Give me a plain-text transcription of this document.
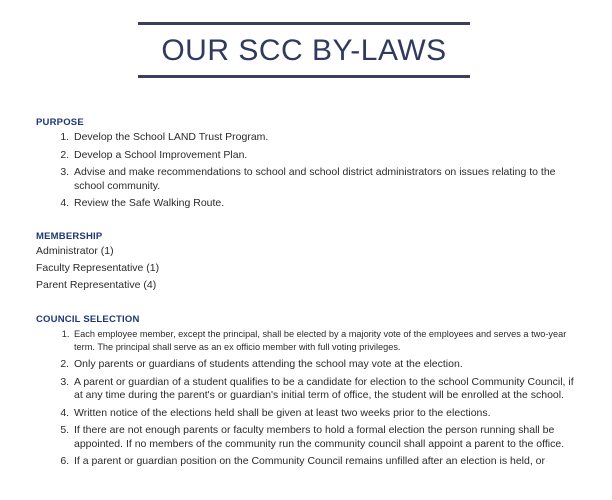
OUR SCC BY-LAWS
PURPOSE
1. Develop the School LAND Trust Program.
2. Develop a School Improvement Plan.
3. Advise and make recommendations to school and school district administrators on issues relating to the school community.
4. Review the Safe Walking Route.
MEMBERSHIP
Administrator (1)
Faculty Representative (1)
Parent Representative (4)
COUNCIL SELECTION
1. Each employee member, except the principal, shall be elected by a majority vote of the employees and serves a two-year term. The principal shall serve as an ex officio member with full voting privileges.
2. Only parents or guardians of students attending the school may vote at the election.
3. A parent or guardian of a student qualifies to be a candidate for election to the school Community Council, if at any time during the parent's or guardian's initial term of office, the student will be enrolled at the school.
4. Written notice of the elections held shall be given at least two weeks prior to the elections.
5. If there are not enough parents or faculty members to hold a formal election the person running shall be appointed. If no members of the community run the community council shall appoint a parent to the office.
6. If a parent or guardian position on the Community Council remains unfilled after an election is held, or
